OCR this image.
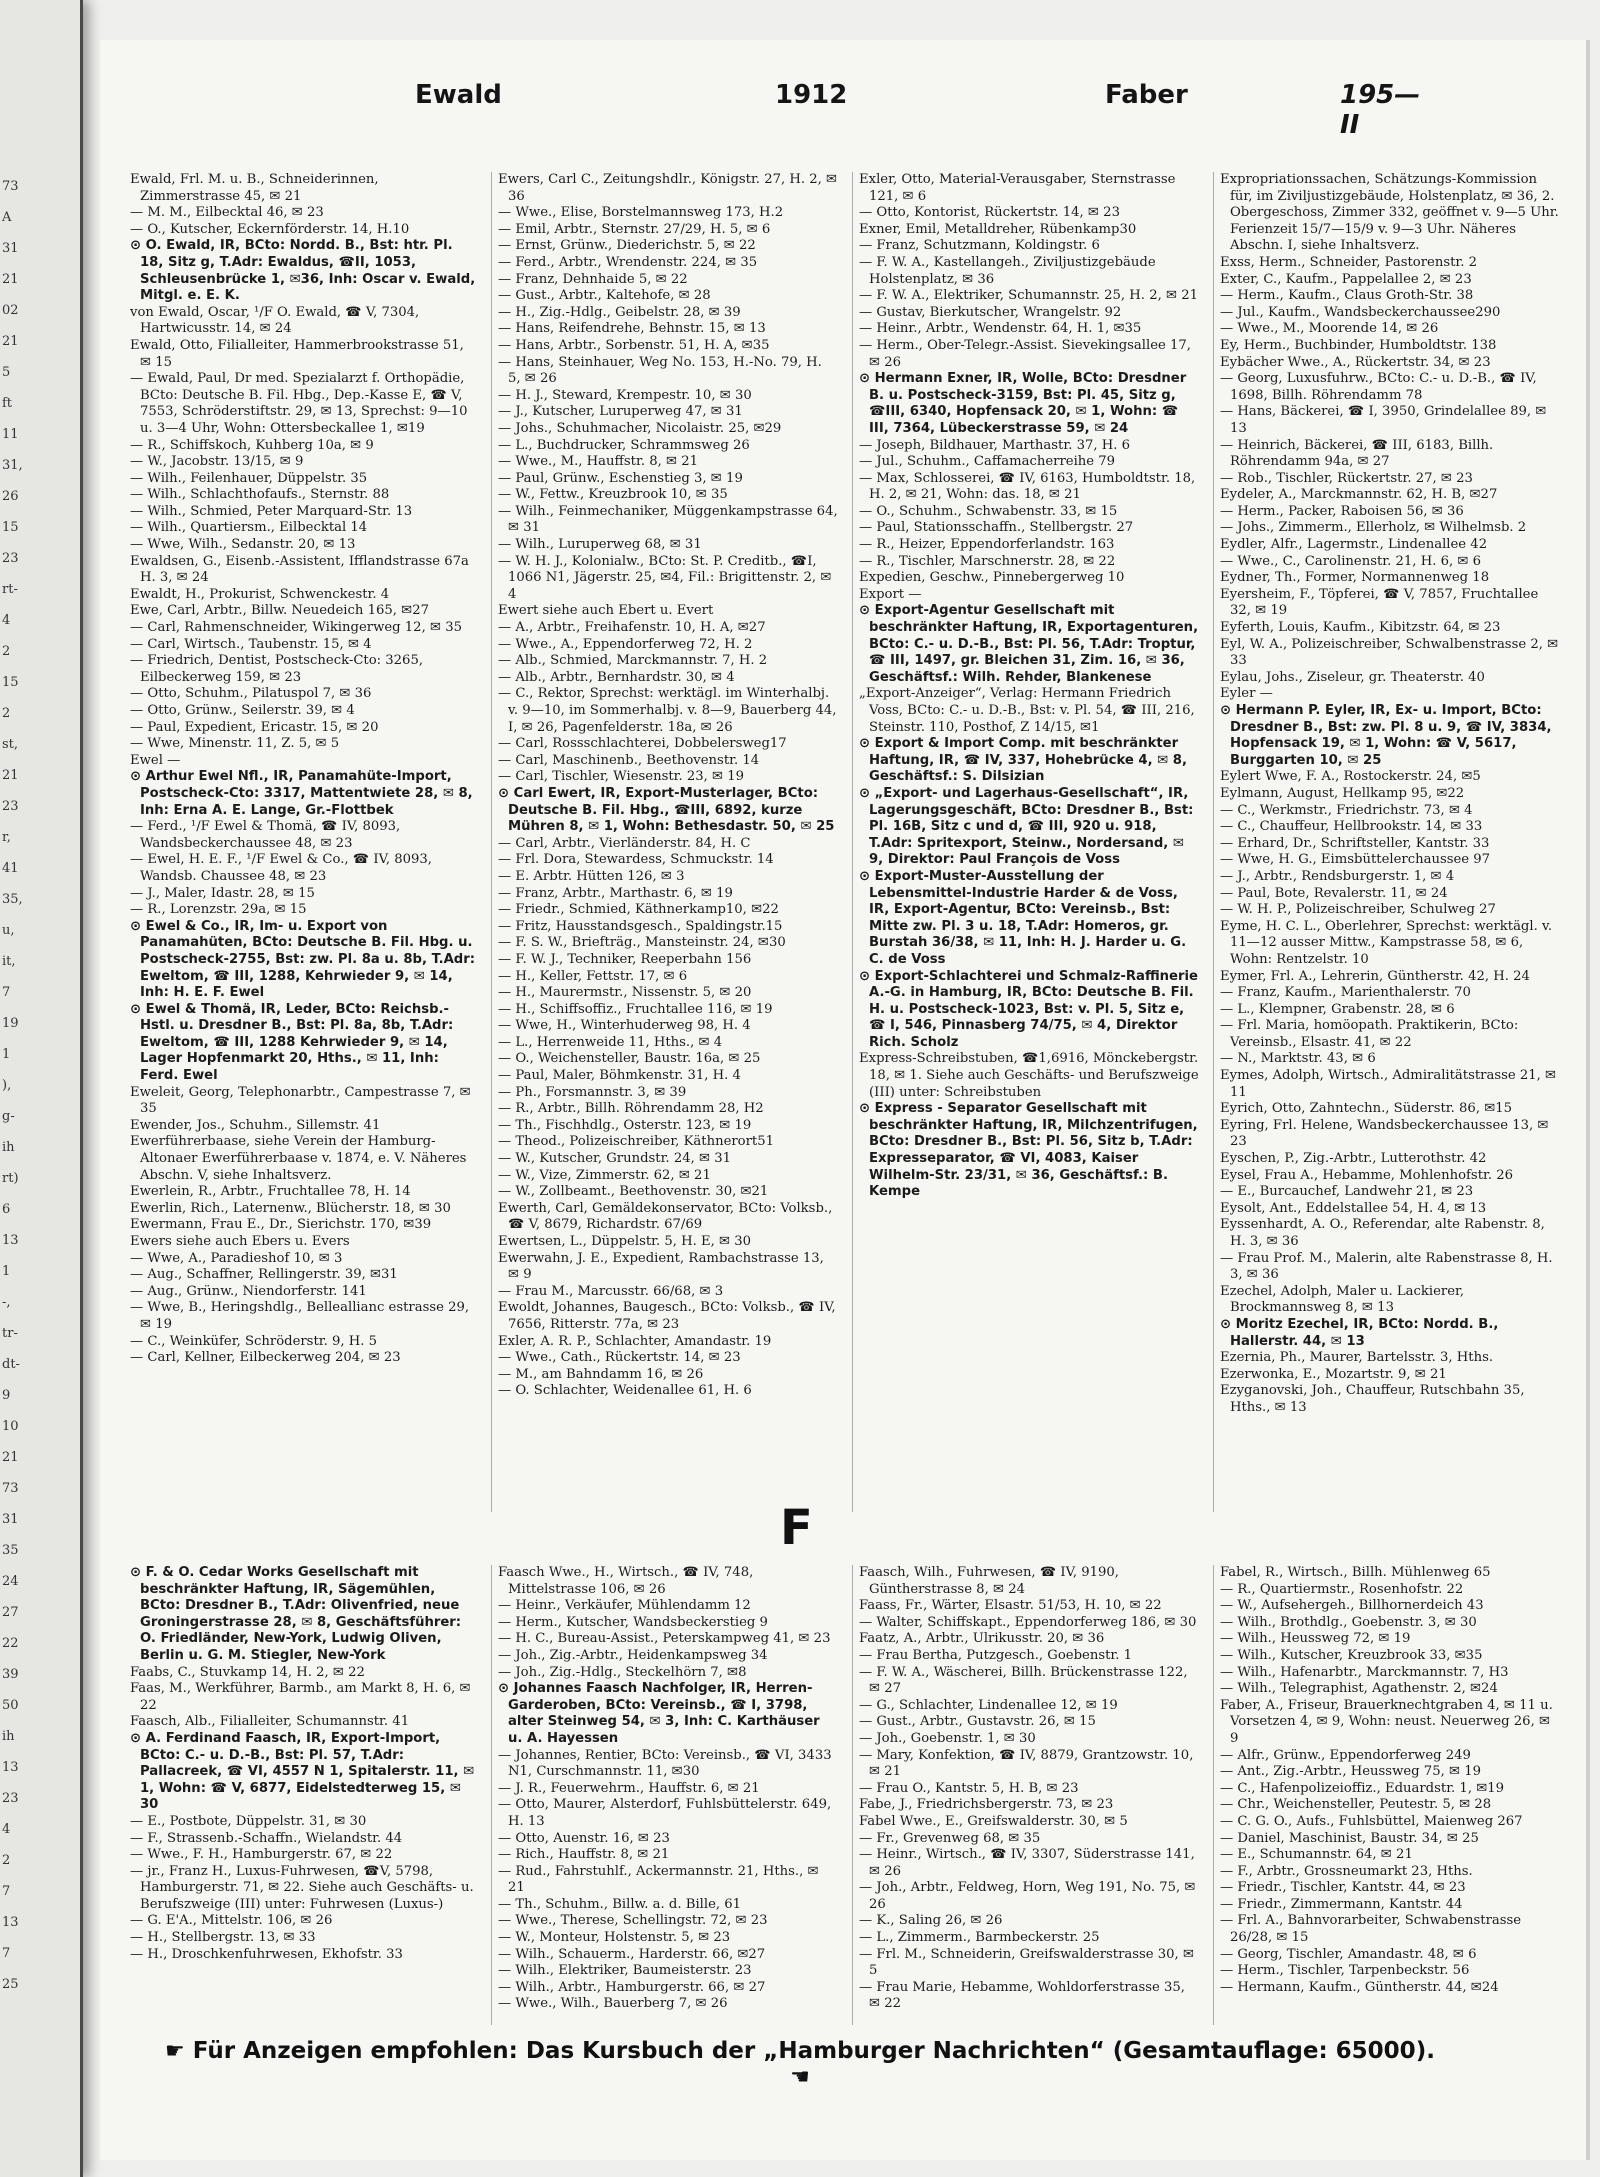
73
A
31
21
02
21
5
ft
11
31,
26
15
23
rt-
4
2
15
2
st,
21
23
r,
41
35,
u,
it,
7
19
1
),
g-
ih
rt)
6
13
1
-,
tr-
dt-
9
10
21
73
31
35
24
27
22
39
50
ih
13
23
4
2
7
13
7
25
Ewald	1912	Faber	195—II

Ewald, Frl. M. u. B., Schneiderinnen, Zimmerstrasse 45, ✉ 21

— M. M., Eilbecktal 46, ✉ 23

— O., Kutscher, Eckernförderstr. 14, H.10

⊙ O. Ewald, IR, BCto: Nordd. B., Bst: htr. Pl. 18, Sitz g, T.Adr: Ewaldus, ☎II, 1053, Schleusenbrücke 1, ✉36, Inh: Oscar v. Ewald, Mitgl. e. E. K.

von Ewald, Oscar, ¹/F O. Ewald, ☎ V, 7304, Hartwicusstr. 14, ✉ 24

Ewald, Otto, Filialleiter, Hammerbrookstrasse 51, ✉ 15

— Ewald, Paul, Dr med. Spezialarzt f. Orthopädie, BCto: Deutsche B. Fil. Hbg., Dep.-Kasse E, ☎ V, 7553, Schröderstiftstr. 29, ✉ 13, Sprechst: 9—10 u. 3—4 Uhr, Wohn: Ottersbeckallee 1, ✉19

— R., Schiffskoch, Kuhberg 10a, ✉ 9

— W., Jacobstr. 13/15, ✉ 9

— Wilh., Feilenhauer, Düppelstr. 35

— Wilh., Schlachthofaufs., Sternstr. 88

— Wilh., Schmied, Peter Marquard-Str. 13

— Wilh., Quartiersm., Eilbecktal 14

— Wwe, Wilh., Sedanstr. 20, ✉ 13

Ewaldsen, G., Eisenb.-Assistent, Ifflandstrasse 67a H. 3, ✉ 24

Ewaldt, H., Prokurist, Schwenckestr. 4

Ewe, Carl, Arbtr., Billw. Neuedeich 165, ✉27

— Carl, Rahmenschneider, Wikingerweg 12, ✉ 35

— Carl, Wirtsch., Taubenstr. 15, ✉ 4

— Friedrich, Dentist, Postscheck-Cto: 3265, Eilbeckerweg 159, ✉ 23

— Otto, Schuhm., Pilatuspol 7, ✉ 36

— Otto, Grünw., Seilerstr. 39, ✉ 4

— Paul, Expedient, Ericastr. 15, ✉ 20

— Wwe, Minenstr. 11, Z. 5, ✉ 5

Ewel —

⊙ Arthur Ewel Nfl., IR, Panamahüte-Import, Postscheck-Cto: 3317, Mattentwiete 28, ✉ 8, Inh: Erna A. E. Lange, Gr.-Flottbek

— Ferd., ¹/F Ewel & Thomä, ☎ IV, 8093, Wandsbeckerchaussee 48, ✉ 23

— Ewel, H. E. F., ¹/F Ewel & Co., ☎ IV, 8093, Wandsb. Chaussee 48, ✉ 23

— J., Maler, Idastr. 28, ✉ 15

— R., Lorenzstr. 29a, ✉ 15

⊙ Ewel & Co., IR, Im- u. Export von Panamahüten, BCto: Deutsche B. Fil. Hbg. u. Postscheck-2755, Bst: zw. Pl. 8a u. 8b, T.Adr: Eweltom, ☎ III, 1288, Kehrwieder 9, ✉ 14, Inh: H. E. F. Ewel

⊙ Ewel & Thomä, IR, Leder, BCto: Reichsb.-Hstl. u. Dresdner B., Bst: Pl. 8a, 8b, T.Adr: Eweltom, ☎ III, 1288 Kehrwieder 9, ✉ 14, Lager Hopfenmarkt 20, Hths., ✉ 11, Inh: Ferd. Ewel

Eweleit, Georg, Telephonarbtr., Campestrasse 7, ✉ 35

Ewender, Jos., Schuhm., Sillemstr. 41

Ewerführerbaase, siehe Verein der Hamburg-Altonaer Ewerführerbaase v. 1874, e. V. Näheres Abschn. V, siehe Inhaltsverz.

Ewerlein, R., Arbtr., Fruchtallee 78, H. 14

Ewerlin, Rich., Laternenw., Blücherstr. 18, ✉ 30

Ewermann, Frau E., Dr., Sierichstr. 170, ✉39

Ewers siehe auch Ebers u. Evers

— Wwe, A., Paradieshof 10, ✉ 3

— Aug., Schaffner, Rellingerstr. 39, ✉31

— Aug., Grünw., Niendorferstr. 141

— Wwe, B., Heringshdlg., Belleallianc estrasse 29, ✉ 19

— C., Weinküfer, Schröderstr. 9, H. 5

— Carl, Kellner, Eilbeckerweg 204, ✉ 23

Ewers, Carl C., Zeitungshdlr., Königstr. 27, H. 2, ✉ 36

— Wwe., Elise, Borstelmannsweg 173, H.2

— Emil, Arbtr., Sternstr. 27/29, H. 5, ✉ 6

— Ernst, Grünw., Diederichstr. 5, ✉ 22

— Ferd., Arbtr., Wrendenstr. 224, ✉ 35

— Franz, Dehnhaide 5, ✉ 22

— Gust., Arbtr., Kaltehofe, ✉ 28

— H., Zig.-Hdlg., Geibelstr. 28, ✉ 39

— Hans, Reifendrehe, Behnstr. 15, ✉ 13

— Hans, Arbtr., Sorbenstr. 51, H. A, ✉35

— Hans, Steinhauer, Weg No. 153, H.-No. 79, H. 5, ✉ 26

— H. J., Steward, Krempestr. 10, ✉ 30

— J., Kutscher, Luruperweg 47, ✉ 31

— Johs., Schuhmacher, Nicolaistr. 25, ✉29

— L., Buchdrucker, Schrammsweg 26

— Wwe., M., Hauffstr. 8, ✉ 21

— Paul, Grünw., Eschenstieg 3, ✉ 19

— W., Fettw., Kreuzbrook 10, ✉ 35

— Wilh., Feinmechaniker, Müggenkampstrasse 64, ✉ 31

— Wilh., Luruperweg 68, ✉ 31

— W. H. J., Kolonialw., BCto: St. P. Creditb., ☎I, 1066 N1, Jägerstr. 25, ✉4, Fil.: Brigittenstr. 2, ✉ 4

Ewert siehe auch Ebert u. Evert

— A., Arbtr., Freihafenstr. 10, H. A, ✉27

— Wwe., A., Eppendorferweg 72, H. 2

— Alb., Schmied, Marckmannstr. 7, H. 2

— Alb., Arbtr., Bernhardstr. 30, ✉ 4

— C., Rektor, Sprechst: werktägl. im Winterhalbj. v. 9—10, im Sommerhalbj. v. 8—9, Bauerberg 44, I, ✉ 26, Pagenfelderstr. 18a, ✉ 26

— Carl, Rossschlachterei, Dobbelersweg17

— Carl, Maschinenb., Beethovenstr. 14

— Carl, Tischler, Wiesenstr. 23, ✉ 19

⊙ Carl Ewert, IR, Export-Musterlager, BCto: Deutsche B. Fil. Hbg., ☎III, 6892, kurze Mühren 8, ✉ 1, Wohn: Bethesdastr. 50, ✉ 25

— Carl, Arbtr., Vierländerstr. 84, H. C

— Frl. Dora, Stewardess, Schmuckstr. 14

— E. Arbtr. Hütten 126, ✉ 3

— Franz, Arbtr., Marthastr. 6, ✉ 19

— Friedr., Schmied, Käthnerkamp10, ✉22

— Fritz, Hausstandsgesch., Spaldingstr.15

— F. S. W., Briefträg., Mansteinstr. 24, ✉30

— F. W. J., Techniker, Reeperbahn 156

— H., Keller, Fettstr. 17, ✉ 6

— H., Maurermstr., Nissenstr. 5, ✉ 20

— H., Schiffsoffiz., Fruchtallee 116, ✉ 19

— Wwe, H., Winterhuderweg 98, H. 4

— L., Herrenweide 11, Hths., ✉ 4

— O., Weichensteller, Baustr. 16a, ✉ 25

— Paul, Maler, Böhmkenstr. 31, H. 4

— Ph., Forsmannstr. 3, ✉ 39

— R., Arbtr., Billh. Röhrendamm 28, H2

— Th., Fischhdlg., Osterstr. 123, ✉ 19

— Theod., Polizeischreiber, Käthnerort51

— W., Kutscher, Grundstr. 24, ✉ 31

— W., Vize, Zimmerstr. 62, ✉ 21

— W., Zollbeamt., Beethovenstr. 30, ✉21

Ewerth, Carl, Gemäldekonservator, BCto: Volksb., ☎ V, 8679, Richardstr. 67/69

Ewertsen, L., Düppelstr. 5, H. E, ✉ 30

Ewerwahn, J. E., Expedient, Rambachstrasse 13, ✉ 9

— Frau M., Marcusstr. 66/68, ✉ 3

Ewoldt, Johannes, Baugesch., BCto: Volksb., ☎ IV, 7656, Ritterstr. 77a, ✉ 23

Exler, A. R. P., Schlachter, Amandastr. 19

— Wwe., Cath., Rückertstr. 14, ✉ 23

— M., am Bahndamm 16, ✉ 26

— O. Schlachter, Weidenallee 61, H. 6

Exler, Otto, Material-Verausgaber, Sternstrasse 121, ✉ 6

— Otto, Kontorist, Rückertstr. 14, ✉ 23

Exner, Emil, Metalldreher, Rübenkamp30

— Franz, Schutzmann, Koldingstr. 6

— F. W. A., Kastellangeh., Ziviljustizgebäude Holstenplatz, ✉ 36

— F. W. A., Elektriker, Schumannstr. 25, H. 2, ✉ 21

— Gustav, Bierkutscher, Wrangelstr. 92

— Heinr., Arbtr., Wendenstr. 64, H. 1, ✉35

— Herm., Ober-Telegr.-Assist. Sievekingsallee 17, ✉ 26

⊙ Hermann Exner, IR, Wolle, BCto: Dresdner B. u. Postscheck-3159, Bst: Pl. 45, Sitz g, ☎III, 6340, Hopfensack 20, ✉ 1, Wohn: ☎ III, 7364, Lübeckerstrasse 59, ✉ 24

— Joseph, Bildhauer, Marthastr. 37, H. 6

— Jul., Schuhm., Caffamacherreihe 79

— Max, Schlosserei, ☎ IV, 6163, Humboldtstr. 18, H. 2, ✉ 21, Wohn: das. 18, ✉ 21

— O., Schuhm., Schwabenstr. 33, ✉ 15

— Paul, Stationsschaffn., Stellbergstr. 27

— R., Heizer, Eppendorferlandstr. 163

— R., Tischler, Marschnerstr. 28, ✉ 22

Expedien, Geschw., Pinnebergerweg 10

Export —

⊙ Export-Agentur Gesellschaft mit beschränkter Haftung, IR, Exportagenturen, BCto: C.- u. D.-B., Bst: Pl. 56, T.Adr: Troptur, ☎ III, 1497, gr. Bleichen 31, Zim. 16, ✉ 36, Geschäftsf.: Wilh. Rehder, Blankenese

„Export-Anzeiger“, Verlag: Hermann Friedrich Voss, BCto: C.- u. D.-B., Bst: v. Pl. 54, ☎ III, 216, Steinstr. 110, Posthof, Z 14/15, ✉1

⊙ Export & Import Comp. mit beschränkter Haftung, IR, ☎ IV, 337, Hohebrücke 4, ✉ 8, Geschäftsf.: S. Dilsizian

⊙ „Export- und Lagerhaus-Gesellschaft“, IR, Lagerungsgeschäft, BCto: Dresdner B., Bst: Pl. 16B, Sitz c und d, ☎ III, 920 u. 918, T.Adr: Spritexport, Steinw., Nordersand, ✉ 9, Direktor: Paul François de Voss

⊙ Export-Muster-Ausstellung der Lebensmittel-Industrie Harder & de Voss, IR, Export-Agentur, BCto: Vereinsb., Bst: Mitte zw. Pl. 3 u. 18, T.Adr: Homeros, gr. Burstah 36/38, ✉ 11, Inh: H. J. Harder u. G. C. de Voss

⊙ Export-Schlachterei und Schmalz-Raffinerie A.-G. in Hamburg, IR, BCto: Deutsche B. Fil. H. u. Postscheck-1023, Bst: v. Pl. 5, Sitz e, ☎ I, 546, Pinnasberg 74/75, ✉ 4, Direktor Rich. Scholz

Express-Schreibstuben, ☎1,6916, Mönckebergstr. 18, ✉ 1. Siehe auch Geschäfts- und Berufszweige (III) unter: Schreibstuben

⊙ Express - Separator Gesellschaft mit beschränkter Haftung, IR, Milchzentrifugen, BCto: Dresdner B., Bst: Pl. 56, Sitz b, T.Adr: Expresseparator, ☎ VI, 4083, Kaiser Wilhelm-Str. 23/31, ✉ 36, Geschäftsf.: B. Kempe

Expropriationssachen, Schätzungs-Kommission für, im Ziviljustizgebäude, Holstenplatz, ✉ 36, 2. Obergeschoss, Zimmer 332, geöffnet v. 9—5 Uhr. Ferienzeit 15/7—15/9 v. 9—3 Uhr. Näheres Abschn. I, siehe Inhaltsverz.

Exss, Herm., Schneider, Pastorenstr. 2

Exter, C., Kaufm., Pappelallee 2, ✉ 23

— Herm., Kaufm., Claus Groth-Str. 38

— Jul., Kaufm., Wandsbeckerchaussee290

— Wwe., M., Moorende 14, ✉ 26

Ey, Herm., Buchbinder, Humboldtstr. 138

Eybächer Wwe., A., Rückertstr. 34, ✉ 23

— Georg, Luxusfuhrw., BCto: C.- u. D.-B., ☎ IV, 1698, Billh. Röhrendamm 78

— Hans, Bäckerei, ☎ I, 3950, Grindelallee 89, ✉ 13

— Heinrich, Bäckerei, ☎ III, 6183, Billh. Röhrendamm 94a, ✉ 27

— Rob., Tischler, Rückertstr. 27, ✉ 23

Eydeler, A., Marckmannstr. 62, H. B, ✉27

— Herm., Packer, Raboisen 56, ✉ 36

— Johs., Zimmerm., Ellerholz, ✉ Wilhelmsb. 2

Eydler, Alfr., Lagermstr., Lindenallee 42

— Wwe., C., Carolinenstr. 21, H. 6, ✉ 6

Eydner, Th., Former, Normannenweg 18

Eyersheim, F., Töpferei, ☎ V, 7857, Fruchtallee 32, ✉ 19

Eyferth, Louis, Kaufm., Kibitzstr. 64, ✉ 23

Eyl, W. A., Polizeischreiber, Schwalbenstrasse 2, ✉ 33

Eylau, Johs., Ziseleur, gr. Theaterstr. 40

Eyler —

⊙ Hermann P. Eyler, IR, Ex- u. Import, BCto: Dresdner B., Bst: zw. Pl. 8 u. 9, ☎ IV, 3834, Hopfensack 19, ✉ 1, Wohn: ☎ V, 5617, Burggarten 10, ✉ 25

Eylert Wwe, F. A., Rostockerstr. 24, ✉5

Eylmann, August, Hellkamp 95, ✉22

— C., Werkmstr., Friedrichstr. 73, ✉ 4

— C., Chauffeur, Hellbrookstr. 14, ✉ 33

— Erhard, Dr., Schriftsteller, Kantstr. 33

— Wwe, H. G., Eimsbüttelerchaussee 97

— J., Arbtr., Rendsburgerstr. 1, ✉ 4

— Paul, Bote, Revalerstr. 11, ✉ 24

— W. H. P., Polizeischreiber, Schulweg 27

Eyme, H. C. L., Oberlehrer, Sprechst: werktägl. v. 11—12 ausser Mittw., Kampstrasse 58, ✉ 6, Wohn: Rentzelstr. 10

Eymer, Frl. A., Lehrerin, Güntherstr. 42, H. 24

— Franz, Kaufm., Marienthalerstr. 70

— L., Klempner, Grabenstr. 28, ✉ 6

— Frl. Maria, homöopath. Praktikerin, BCto: Vereinsb., Elsastr. 41, ✉ 22

— N., Marktstr. 43, ✉ 6

Eymes, Adolph, Wirtsch., Admiralitätstrasse 21, ✉ 11

Eyrich, Otto, Zahntechn., Süderstr. 86, ✉15

Eyring, Frl. Helene, Wandsbeckerchaussee 13, ✉ 23

Eyschen, P., Zig.-Arbtr., Lutterothstr. 42

Eysel, Frau A., Hebamme, Mohlenhofstr. 26

— E., Burcauchef, Landwehr 21, ✉ 23

Eysolt, Ant., Eddelstallee 54, H. 4, ✉ 13

Eyssenhardt, A. O., Referendar, alte Rabenstr. 8, H. 3, ✉ 36

— Frau Prof. M., Malerin, alte Rabenstrasse 8, H. 3, ✉ 36

Ezechel, Adolph, Maler u. Lackierer, Brockmannsweg 8, ✉ 13

⊙ Moritz Ezechel, IR, BCto: Nordd. B., Hallerstr. 44, ✉ 13

Ezernia, Ph., Maurer, Bartelsstr. 3, Hths.

Ezerwonka, E., Mozartstr. 9, ✉ 21

Ezyganovski, Joh., Chauffeur, Rutschbahn 35, Hths., ✉ 13

F

⊙ F. & O. Cedar Works Gesellschaft mit beschränkter Haftung, IR, Sägemühlen, BCto: Dresdner B., T.Adr: Olivenfried, neue Groningerstrasse 28, ✉ 8, Geschäftsführer: O. Friedländer, New-York, Ludwig Oliven, Berlin u. G. M. Stiegler, New-York

Faabs, C., Stuvkamp 14, H. 2, ✉ 22

Faas, M., Werkführer, Barmb., am Markt 8, H. 6, ✉ 22

Faasch, Alb., Filialleiter, Schumannstr. 41

⊙ A. Ferdinand Faasch, IR, Export-Import, BCto: C.- u. D.-B., Bst: Pl. 57, T.Adr: Pallacreek, ☎ VI, 4557 N 1, Spitalerstr. 11, ✉ 1, Wohn: ☎ V, 6877, Eidelstedterweg 15, ✉ 30

— E., Postbote, Düppelstr. 31, ✉ 30

— F., Strassenb.-Schaffn., Wielandstr. 44

— Wwe., F. H., Hamburgerstr. 67, ✉ 22

— jr., Franz H., Luxus-Fuhrwesen, ☎V, 5798, Hamburgerstr. 71, ✉ 22. Siehe auch Geschäfts- u. Berufszweige (III) unter: Fuhrwesen (Luxus-)

— G. E'A., Mittelstr. 106, ✉ 26

— H., Stellbergstr. 13, ✉ 33

— H., Droschkenfuhrwesen, Ekhofstr. 33

Faasch Wwe., H., Wirtsch., ☎ IV, 748, Mittelstrasse 106, ✉ 26

— Heinr., Verkäufer, Mühlendamm 12

— Herm., Kutscher, Wandsbeckerstieg 9

— H. C., Bureau-Assist., Peterskampweg 41, ✉ 23

— Joh., Zig.-Arbtr., Heidenkampsweg 34

— Joh., Zig.-Hdlg., Steckelhörn 7, ✉8

⊙ Johannes Faasch Nachfolger, IR, Herren-Garderoben, BCto: Vereinsb., ☎ I, 3798, alter Steinweg 54, ✉ 3, Inh: C. Karthäuser u. A. Hayessen

— Johannes, Rentier, BCto: Vereinsb., ☎ VI, 3433 N1, Curschmannstr. 11, ✉30

— J. R., Feuerwehrm., Hauffstr. 6, ✉ 21

— Otto, Maurer, Alsterdorf, Fuhlsbüttelerstr. 649, H. 13

— Otto, Auenstr. 16, ✉ 23

— Rich., Hauffstr. 8, ✉ 21

— Rud., Fahrstuhlf., Ackermannstr. 21, Hths., ✉ 21

— Th., Schuhm., Billw. a. d. Bille, 61

— Wwe., Therese, Schellingstr. 72, ✉ 23

— W., Monteur, Holstenstr. 5, ✉ 23

— Wilh., Schauerm., Harderstr. 66, ✉27

— Wilh., Elektriker, Baumeisterstr. 23

— Wilh., Arbtr., Hamburgerstr. 66, ✉ 27

— Wwe., Wilh., Bauerberg 7, ✉ 26

Faasch, Wilh., Fuhrwesen, ☎ IV, 9190, Güntherstrasse 8, ✉ 24

Faass, Fr., Wärter, Elsastr. 51/53, H. 10, ✉ 22

— Walter, Schiffskapt., Eppendorferweg 186, ✉ 30

Faatz, A., Arbtr., Ulrikusstr. 20, ✉ 36

— Frau Bertha, Putzgesch., Goebenstr. 1

— F. W. A., Wäscherei, Billh. Brückenstrasse 122, ✉ 27

— G., Schlachter, Lindenallee 12, ✉ 19

— Gust., Arbtr., Gustavstr. 26, ✉ 15

— Joh., Goebenstr. 1, ✉ 30

— Mary, Konfektion, ☎ IV, 8879, Grantzowstr. 10, ✉ 21

— Frau O., Kantstr. 5, H. B, ✉ 23

Fabe, J., Friedrichsbergerstr. 73, ✉ 23

Fabel Wwe., E., Greifswalderstr. 30, ✉ 5

— Fr., Grevenweg 68, ✉ 35

— Heinr., Wirtsch., ☎ IV, 3307, Süderstrasse 141, ✉ 26

— Joh., Arbtr., Feldweg, Horn, Weg 191, No. 75, ✉ 26

— K., Saling 26, ✉ 26

— L., Zimmerm., Barmbeckerstr. 25

— Frl. M., Schneiderin, Greifswalderstrasse 30, ✉ 5

— Frau Marie, Hebamme, Wohldorferstrasse 35, ✉ 22

Fabel, R., Wirtsch., Billh. Mühlenweg 65

— R., Quartiermstr., Rosenhofstr. 22

— W., Aufsehergeh., Billhornerdeich 43

— Wilh., Brothdlg., Goebenstr. 3, ✉ 30

— Wilh., Heussweg 72, ✉ 19

— Wilh., Kutscher, Kreuzbrook 33, ✉35

— Wilh., Hafenarbtr., Marckmannstr. 7, H3

— Wilh., Telegraphist, Agathenstr. 2, ✉24

Faber, A., Friseur, Brauerknechtgraben 4, ✉ 11 u. Vorsetzen 4, ✉ 9, Wohn: neust. Neuerweg 26, ✉ 9

— Alfr., Grünw., Eppendorferweg 249

— Ant., Zig.-Arbtr., Heussweg 75, ✉ 19

— C., Hafenpolizeioffiz., Eduardstr. 1, ✉19

— Chr., Weichensteller, Peutestr. 5, ✉ 28

— C. G. O., Aufs., Fuhlsbüttel, Maienweg 267

— Daniel, Maschinist, Baustr. 34, ✉ 25

— E., Schumannstr. 64, ✉ 21

— F., Arbtr., Grossneumarkt 23, Hths.

— Friedr., Tischler, Kantstr. 44, ✉ 23

— Friedr., Zimmermann, Kantstr. 44

— Frl. A., Bahnvorarbeiter, Schwabenstrasse 26/28, ✉ 15

— Georg, Tischler, Amandastr. 48, ✉ 6

— Herm., Tischler, Tarpenbeckstr. 56

— Hermann, Kaufm., Güntherstr. 44, ✉24

☛ Für Anzeigen empfohlen: Das Kursbuch der „Hamburger Nachrichten“ (Gesamtauflage: 65000). ☚
